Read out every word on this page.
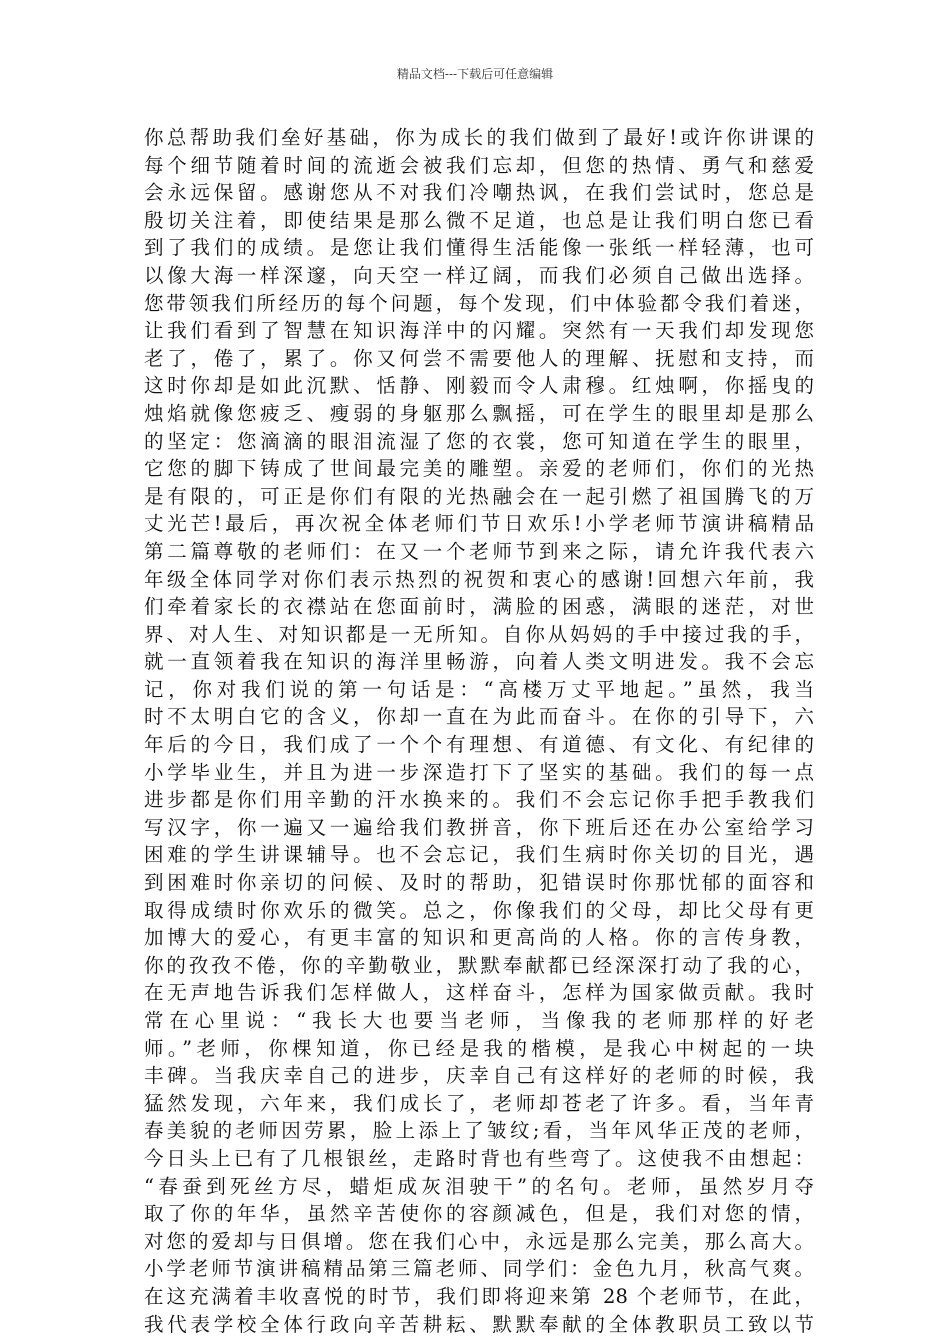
精品文档---下载后可任意编辑
你总帮助我们垒好基础，你为成长的我们做到了最好!或许你讲课的
每个细节随着时间的流逝会被我们忘却，但您的热情、勇气和慈爱
会永远保留。感谢您从不对我们冷嘲热讽，在我们尝试时，您总是
殷切关注着，即使结果是那么微不足道，也总是让我们明白您已看
到了我们的成绩。是您让我们懂得生活能像一张纸一样轻薄，也可
以像大海一样深邃，向天空一样辽阔，而我们必须自己做出选择。
您带领我们所经历的每个问题，每个发现，们中体验都令我们着迷，
让我们看到了智慧在知识海洋中的闪耀。突然有一天我们却发现您
老了，倦了，累了。你又何尝不需要他人的理解、抚慰和支持，而
这时你却是如此沉默、恬静、刚毅而令人肃穆。红烛啊，你摇曳的
烛焰就像您疲乏、瘦弱的身躯那么飘摇，可在学生的眼里却是那么
的坚定：您滴滴的眼泪流湿了您的衣裳，您可知道在学生的眼里，
它您的脚下铸成了世间最完美的雕塑。亲爱的老师们，你们的光热
是有限的，可正是你们有限的光热融会在一起引燃了祖国腾飞的万
丈光芒!最后，再次祝全体老师们节日欢乐!小学老师节演讲稿精品
第二篇尊敬的老师们：在又一个老师节到来之际，请允许我代表六
年级全体同学对你们表示热烈的祝贺和衷心的感谢!回想六年前，我
们牵着家长的衣襟站在您面前时，满脸的困惑，满眼的迷茫，对世
界、对人生、对知识都是一无所知。自你从妈妈的手中接过我的手，
就一直领着我在知识的海洋里畅游，向着人类文明进发。我不会忘
记，你对我们说的第一句话是：“高楼万丈平地起。”虽然，我当
时不太明白它的含义，你却一直在为此而奋斗。在你的引导下，六
年后的今日，我们成了一个个有理想、有道德、有文化、有纪律的
小学毕业生，并且为进一步深造打下了坚实的基础。我们的每一点
进步都是你们用辛勤的汗水换来的。我们不会忘记你手把手教我们
写汉字，你一遍又一遍给我们教拼音，你下班后还在办公室给学习
困难的学生讲课辅导。也不会忘记，我们生病时你关切的目光，遇
到困难时你亲切的问候、及时的帮助，犯错误时你那忧郁的面容和
取得成绩时你欢乐的微笑。总之，你像我们的父母，却比父母有更
加博大的爱心，有更丰富的知识和更高尚的人格。你的言传身教，
你的孜孜不倦，你的辛勤敬业，默默奉献都已经深深打动了我的心，
在无声地告诉我们怎样做人，这样奋斗，怎样为国家做贡献。我时
常在心里说：“我长大也要当老师，当像我的老师那样的好老
师。”老师，你棵知道，你已经是我的楷模，是我心中树起的一块
丰碑。当我庆幸自己的进步，庆幸自己有这样好的老师的时候，我
猛然发现，六年来，我们成长了，老师却苍老了许多。看，当年青
春美貌的老师因劳累，脸上添上了皱纹;看，当年风华正茂的老师，
今日头上已有了几根银丝，走路时背也有些弯了。这使我不由想起：
“春蚕到死丝方尽，蜡炬成灰泪驶干”的名句。老师，虽然岁月夺
取了你的年华，虽然辛苦使你的容颜减色，但是，我们对您的情，
对您的爱却与日俱增。您在我们心中，永远是那么完美，那么高大。
小学老师节演讲稿精品第三篇老师、同学们：金色九月，秋高气爽。
在这充满着丰收喜悦的时节，我们即将迎来第 28 个老师节，在此，
我代表学校全体行政向辛苦耕耘、默默奉献的全体教职员工致以节
